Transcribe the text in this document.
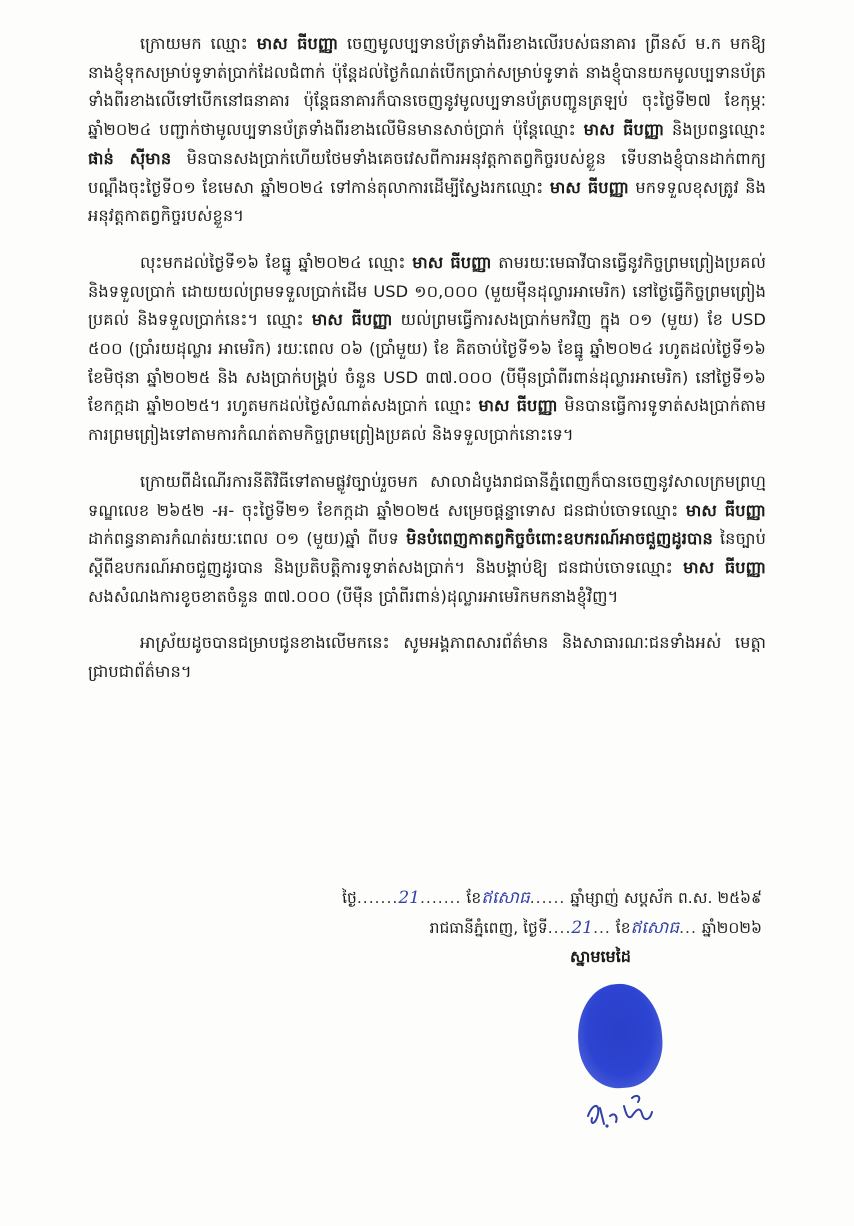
ក្រោយមក ឈ្មោះ មាស ធីបញ្ញា ចេញមូលប្បទានប័ត្រទាំងពីរខាងលើរបស់ធនាគារ ព្រីនស៍ ម.ក មកឱ្យនាងខ្ញុំទុកសម្រាប់ទូទាត់ប្រាក់ដែលជំពាក់ ប៉ុន្តែដល់ថ្ងៃកំណត់បើកប្រាក់សម្រាប់ទូទាត់ នាងខ្ញុំបានយកមូលប្បទានប័ត្រទាំងពីរខាងលើទៅបើកនៅធនាគារ ប៉ុន្តែធនាគារក៏បានចេញនូវមូលប្បទានប័ត្របញ្ជូនត្រឡប់ ចុះថ្ងៃទី២៧ ខែកុម្ភៈ ឆ្នាំ២០២៤ បញ្ជាក់ថាមូលប្បទានប័ត្រទាំងពីរខាងលើមិនមានសាច់ប្រាក់ ប៉ុន្តែឈ្មោះ មាស ធីបញ្ញា និងប្រពន្ធឈ្មោះ ផាន់ ស៊ីមាន មិនបានសងប្រាក់ហើយថែមទាំងគេចវេសពីការអនុវត្តកាតព្វកិច្ចរបស់ខ្លួន ទើបនាងខ្ញុំបានដាក់ពាក្យបណ្តឹងចុះថ្ងៃទី០១ ខែមេសា ឆ្នាំ២០២៤ ទៅកាន់តុលាការដើម្បីស្វែងរកឈ្មោះ មាស ធីបញ្ញា មកទទួលខុសត្រូវ និងអនុវត្តកាតព្វកិច្ចរបស់ខ្លួន។

លុះមកដល់ថ្ងៃទី១៦ ខែធ្នូ ឆ្នាំ២០២៤ ឈ្មោះ មាស ធីបញ្ញា តាមរយៈមេធាវីបានធ្វើនូវកិច្ចព្រមព្រៀងប្រគល់ និងទទួលប្រាក់ ដោយយល់ព្រមទទួលប្រាក់ដើម USD ១០,០០០ (មួយម៉ឺនដុល្លារអាមេរិក) នៅថ្ងៃធ្វើកិច្ចព្រមព្រៀងប្រគល់ និងទទួលប្រាក់នេះ។ ឈ្មោះ មាស ធីបញ្ញា យល់ព្រមធ្វើការសងប្រាក់មកវិញ ក្នុង ០១ (មួយ) ខែ USD ៥០០ (ប្រាំរយដុល្លារ អាមេរិក) រយៈពេល ០៦ (ប្រាំមួយ) ខែ គិតចាប់ថ្ងៃទី១៦ ខែធ្នូ ឆ្នាំ២០២៤ រហូតដល់ថ្ងៃទី១៦ ខែមិថុនា ឆ្នាំ២០២៥ និង សងប្រាក់បង្រ្គប់ ចំនួន USD ៣៧.០០០ (បីម៉ឺនប្រាំពីរពាន់ដុល្លារអាមេរិក) នៅថ្ងៃទី១៦ ខែកក្កដា ឆ្នាំ២០២៥។ រហូតមកដល់ថ្ងៃសំណាត់សងប្រាក់ ឈ្មោះ មាស ធីបញ្ញា មិនបានធ្វើការទូទាត់សងប្រាក់តាមការព្រមព្រៀងទៅតាមការកំណត់តាមកិច្ចព្រមព្រៀងប្រគល់ និងទទួលប្រាក់នោះទេ។

ក្រោយពីដំណើរការនីតិវិធីទៅតាមផ្លូវច្បាប់រួចមក សាលាដំបូងរាជធានីភ្នំពេញក៏បានចេញនូវសាលក្រមព្រហ្មទណ្ឌលេខ ២៦៥២ -អ- ចុះថ្ងៃទី២១ ខែកក្កដា ឆ្នាំ២០២៥ សម្រេចផ្តន្ទាទោស ជនជាប់ចោទឈ្មោះ មាស ធីបញ្ញា ដាក់ពន្ធនាគារកំណត់រយៈពេល ០១ (មួយ)ឆ្នាំ ពីបទ មិនបំពេញកាតព្វកិច្ចចំពោះឧបករណ៍អាចជួញដូរបាន នៃច្បាប់ស្តីពីឧបករណ៍អាចជួញដូរបាន និងប្រតិបត្តិការទូទាត់សងប្រាក់។ និងបង្គាប់ឱ្យ ជនជាប់ចោទឈ្មោះ មាស ធីបញ្ញា សងសំណងការខូចខាតចំនួន ៣៧.០០០ (បីម៉ឺន ប្រាំពីរពាន់)ដុល្លារអាមេរិកមកនាងខ្ញុំវិញ។

អាស្រ័យដូចបានជម្រាបជូនខាងលើមកនេះ សូមអង្គភាពសារព័ត៌មាន និងសាធារណៈជនទាំងអស់ មេត្តាជ្រាបជាព័ត៌មាន។

ថ្ងៃ.......21....... ខែឥសោធ...... ឆ្នាំម្សាញ់ សប្តស័ក ព.ស. ២៥៦៩
រាជធានីភ្នំពេញ, ថ្ងៃទី....21... ខែឥសោធ... ឆ្នាំ២០២៦
ស្នាមមេដៃ
